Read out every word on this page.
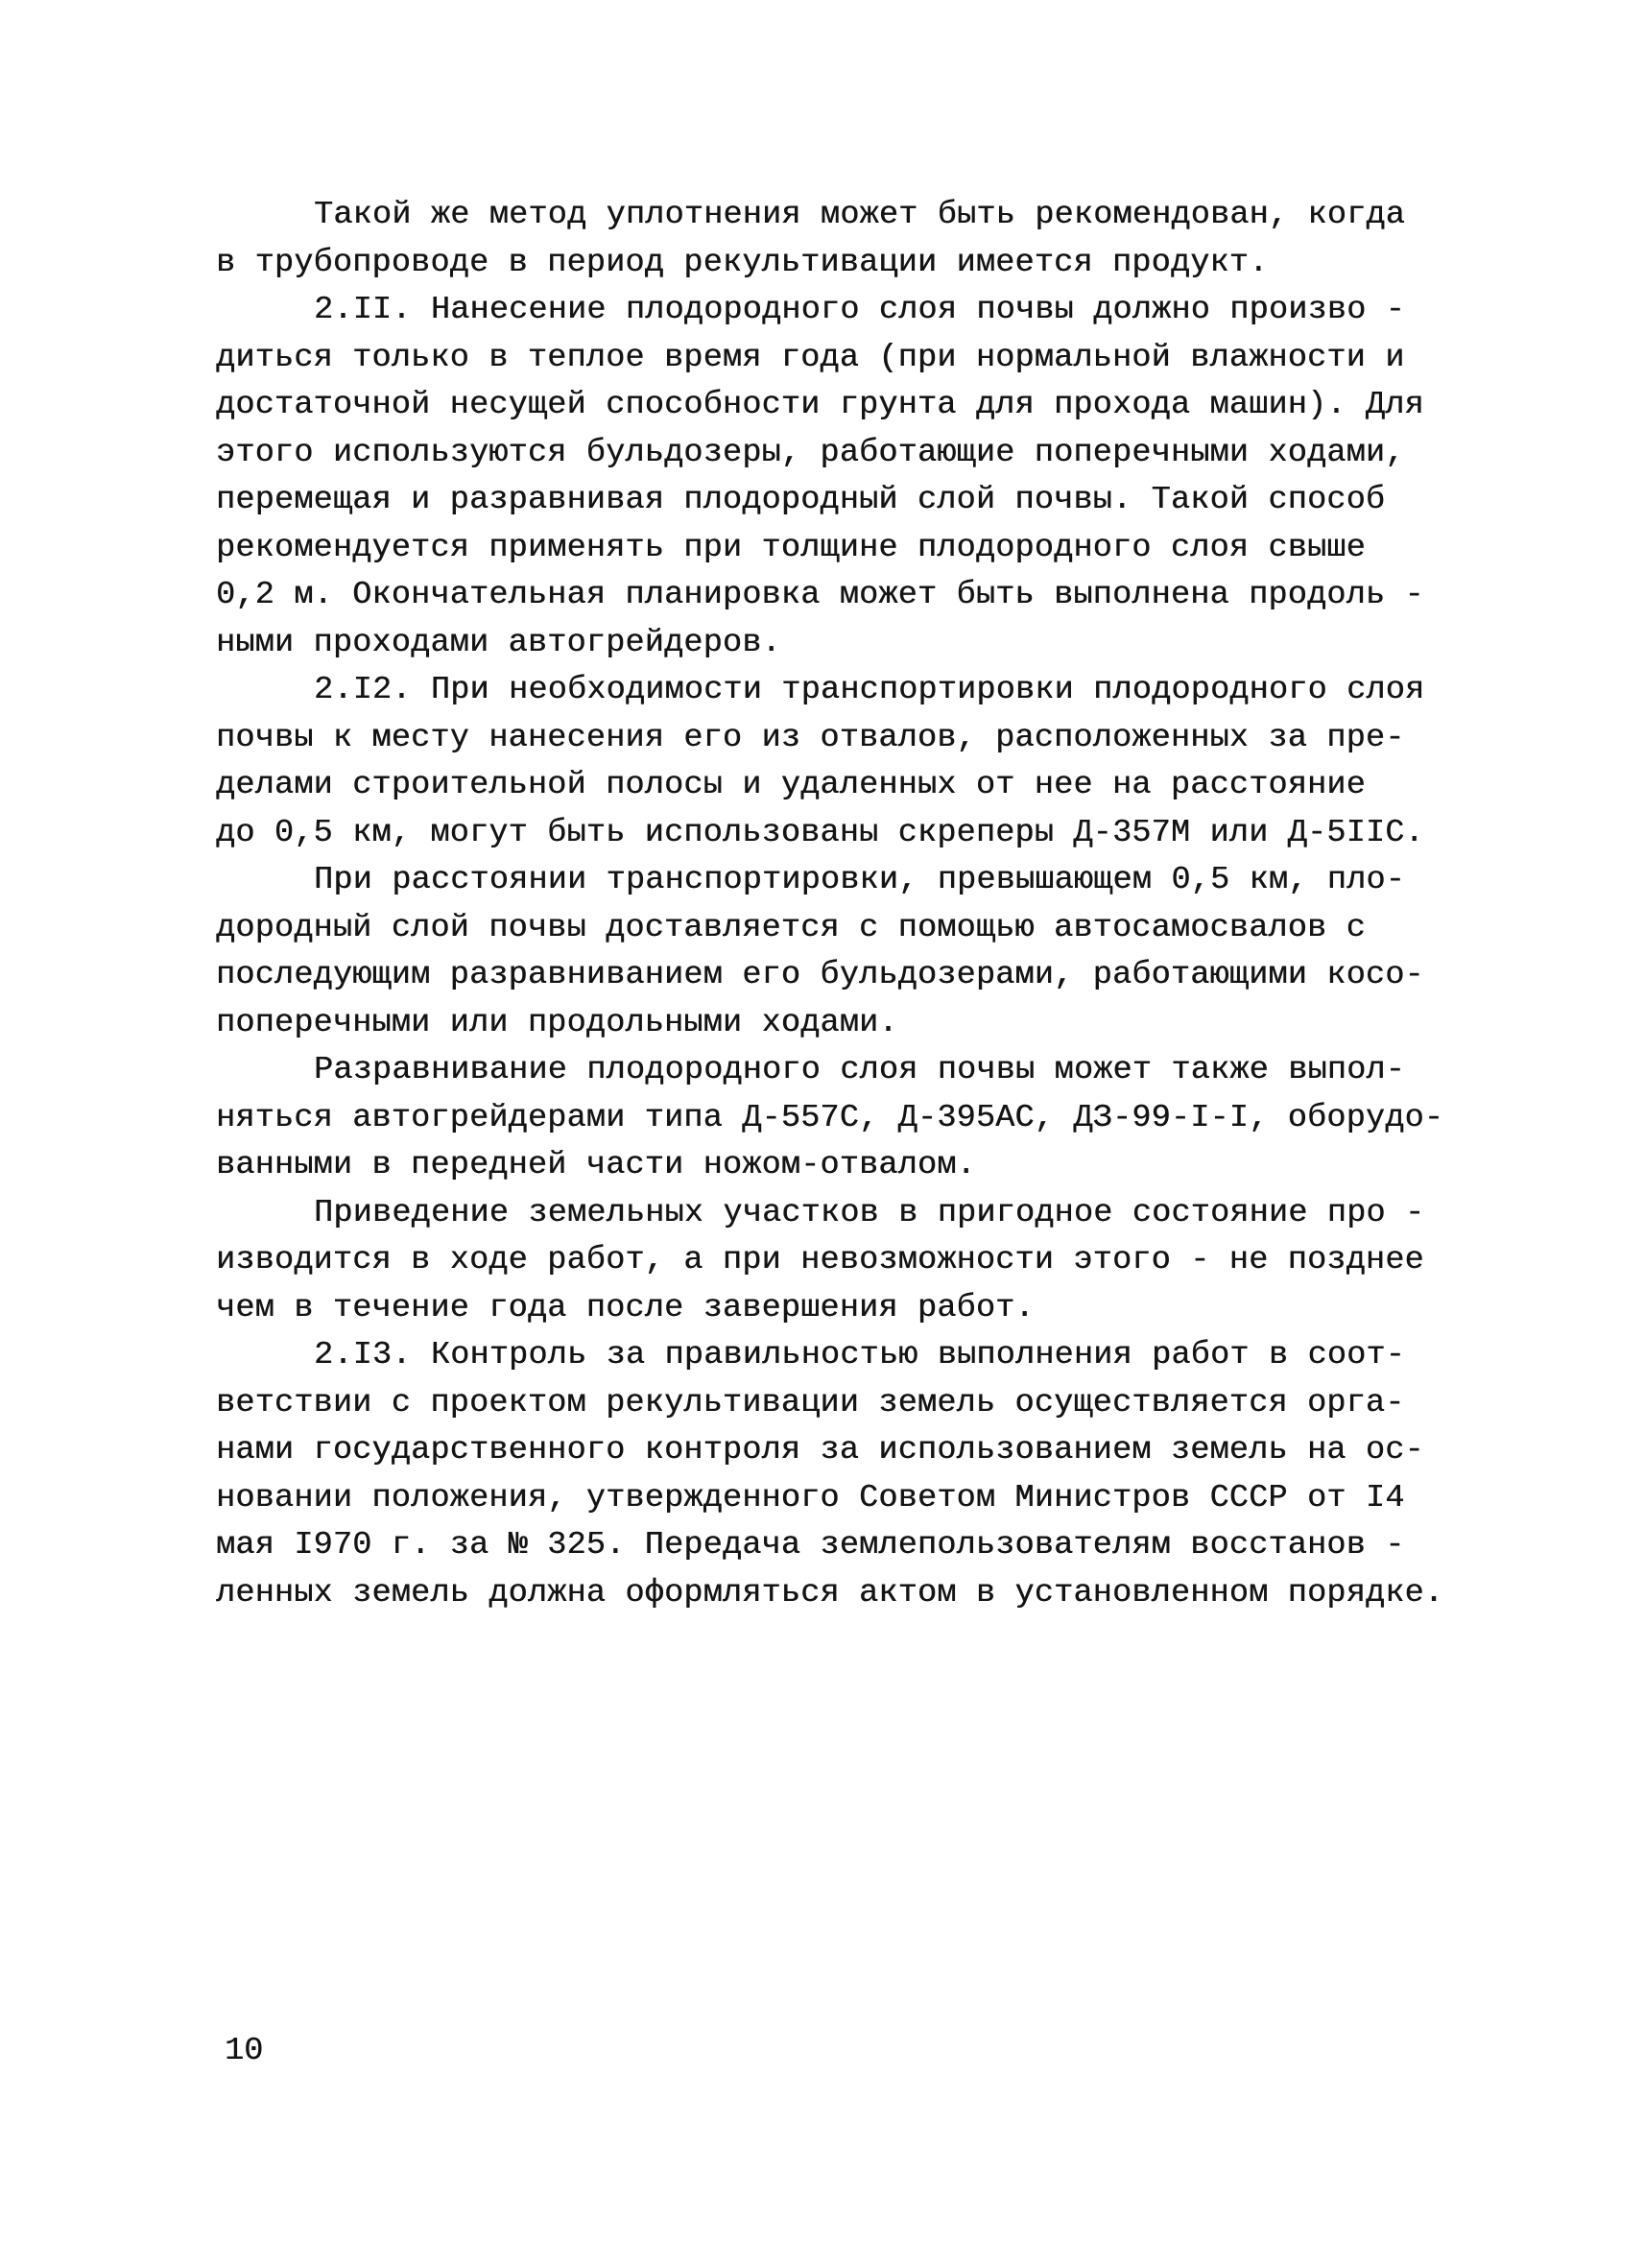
Такой же метод уплотнения может быть рекомендован, когда
в трубопроводе в период рекультивации имеется продукт.
2.II. Нанесение плодородного слоя почвы должно произво -
диться только в теплое время года (при нормальной влажности и
достаточной несущей способности грунта для прохода машин). Для
этого используются бульдозеры, работающие поперечными ходами,
перемещая и разравнивая плодородный слой почвы. Такой способ
рекомендуется применять при толщине плодородного слоя свыше
0,2 м. Окончательная планировка может быть выполнена продоль -
ными проходами автогрейдеров.
2.I2. При необходимости транспортировки плодородного слоя
почвы к месту нанесения его из отвалов, расположенных за пре-
делами строительной полосы и удаленных от нее на расстояние
до 0,5 км, могут быть использованы скреперы Д-357М или Д-5IIС.
При расстоянии транспортировки, превышающем 0,5 км, пло-
дородный слой почвы доставляется с помощью автосамосвалов с
последующим разравниванием его бульдозерами, работающими косо-
поперечными или продольными ходами.
Разравнивание плодородного слоя почвы может также выпол-
няться автогрейдерами типа Д-557С, Д-395АС, ДЗ-99-I-I, оборудо-
ванными в передней части ножом-отвалом.
Приведение земельных участков в пригодное состояние про -
изводится в ходе работ, а при невозможности этого - не позднее
чем в течение года после завершения работ.
2.I3. Контроль за правильностью выполнения работ в соот-
ветствии с проектом рекультивации земель осуществляется орга-
нами государственного контроля за использованием земель на ос-
новании положения, утвержденного Советом Министров СССР от I4
мая I970 г. за № 325. Передача землепользователям восстанов -
ленных земель должна оформляться актом в установленном порядке.
10
